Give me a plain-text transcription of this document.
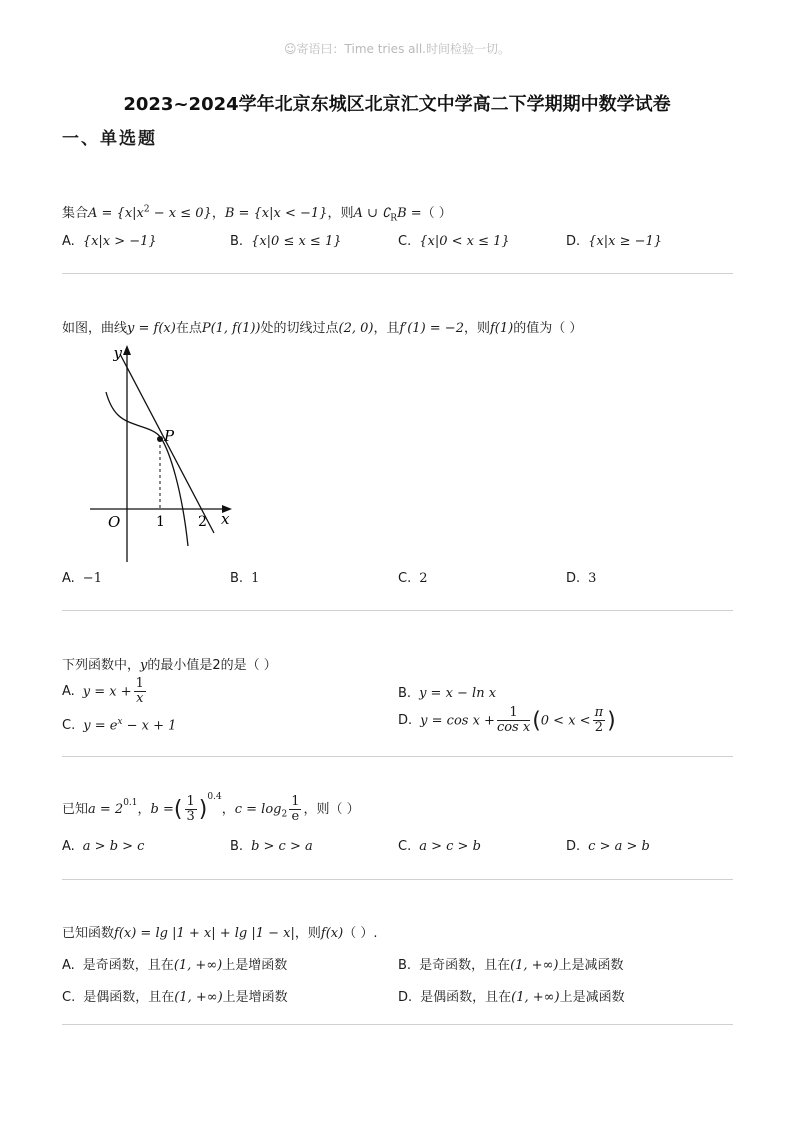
☺寄语曰：Time tries all.时间检验一切。
2023~2024学年北京东城区北京汇文中学高二下学期期中数学试卷
一、单选题
集合$A = \{x|x^2 - x \le 0\}$，B = {x|x < −1}，则A ∪ $∁_RB$ =（ ）
A. {x|x > −1}	B. {x|0 ≤ x ≤ 1}	C. {x|0 < x ≤ 1}	D. {x|x ≥ −1}
如图，曲线y = f(x)在点P(1, f(1))处的切线过点(2, 0)，且f′(1) = −2，则f(1)的值为（ ）
y
x
O	1 2
P
A. −1	B. 1	C. 2	D. 3
下列函数中，y的最小值是2的是（ ）
A. $y = x + \frac{1}{x}$	B. y = x − ln x
C. $y = e^x - x + 1$	D. $y = \cos x + \frac{1}{\text{cos x}} (0 < x < \frac{\pi}{2}$ )
已知$a = 2^{0.1}$，b =( $\frac{1}{3} )^{0.4}$，$c = \log_2 \frac{1}{e}$ ，则（ ）
A. a > b > c	B. b > c > a	C. a > c > b	D. c > a > b
已知函数f(x) = lg |1 + x| + lg |1 − x|，则f(x)（ ）.
A. 是奇函数，且在(1, +∞)上是增函数	B. 是奇函数，且在(1, +∞)上是减函数
C. 是偶函数，且在(1, +∞)上是增函数	D. 是偶函数，且在(1, +∞)上是减函数
